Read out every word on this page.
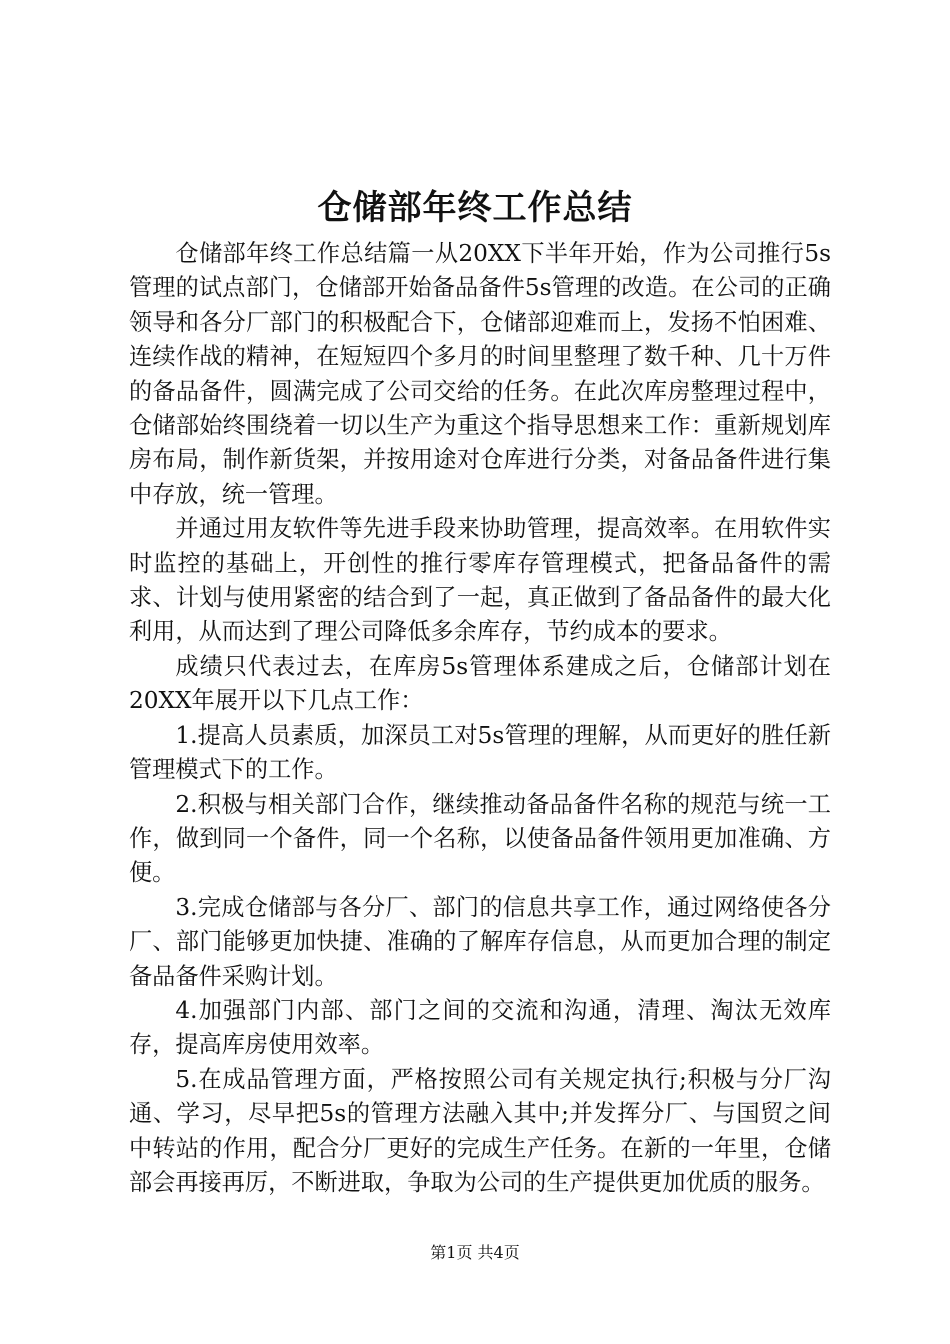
仓储部年终工作总结

仓储部年终工作总结篇一从20XX下半年开始，作为公司推行5s管理的试点部门，仓储部开始备品备件5s管理的改造。在公司的正确领导和各分厂部门的积极配合下，仓储部迎难而上，发扬不怕困难、连续作战的精神，在短短四个多月的时间里整理了数千种、几十万件的备品备件，圆满完成了公司交给的任务。在此次库房整理过程中，仓储部始终围绕着一切以生产为重这个指导思想来工作：重新规划库房布局，制作新货架，并按用途对仓库进行分类，对备品备件进行集中存放，统一管理。

并通过用友软件等先进手段来协助管理，提高效率。在用软件实时监控的基础上，开创性的推行零库存管理模式，把备品备件的需求、计划与使用紧密的结合到了一起，真正做到了备品备件的最大化利用，从而达到了理公司降低多余库存，节约成本的要求。

成绩只代表过去，在库房5s管理体系建成之后，仓储部计划在20XX年展开以下几点工作：

1.提高人员素质，加深员工对5s管理的理解，从而更好的胜任新管理模式下的工作。

2.积极与相关部门合作，继续推动备品备件名称的规范与统一工作，做到同一个备件，同一个名称，以使备品备件领用更加准确、方便。

3.完成仓储部与各分厂、部门的信息共享工作，通过网络使各分厂、部门能够更加快捷、准确的了解库存信息，从而更加合理的制定备品备件采购计划。

4.加强部门内部、部门之间的交流和沟通，清理、淘汰无效库存，提高库房使用效率。

5.在成品管理方面，严格按照公司有关规定执行;积极与分厂沟通、学习，尽早把5s的管理方法融入其中;并发挥分厂、与国贸之间中转站的作用，配合分厂更好的完成生产任务。在新的一年里，仓储部会再接再厉，不断进取，争取为公司的生产提供更加优质的服务。

第1页 共4页
